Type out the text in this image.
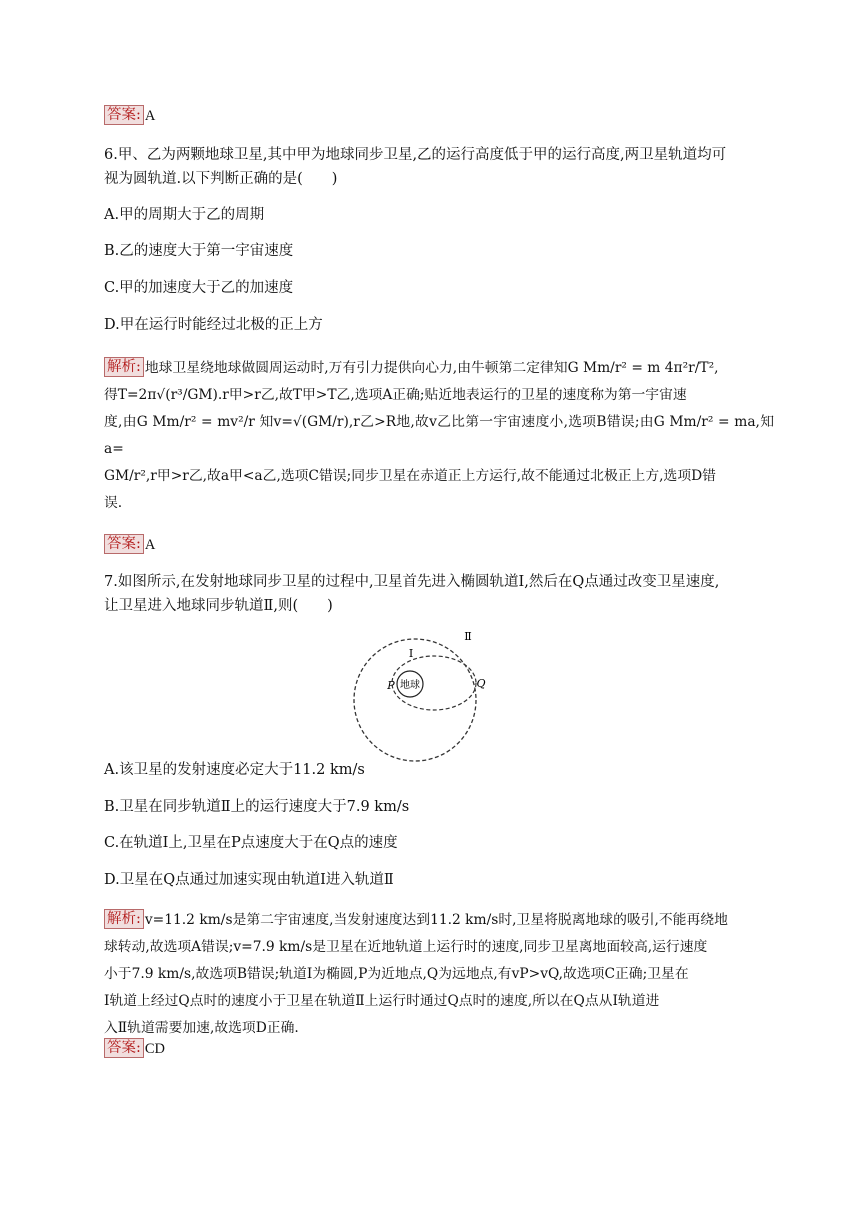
答案: A

6.甲、乙为两颗地球卫星,其中甲为地球同步卫星,乙的运行高度低于甲的运行高度,两卫星轨道均可

视为圆轨道.以下判断正确的是(　　)

A.甲的周期大于乙的周期
B.乙的速度大于第一宇宙速度
C.甲的加速度大于乙的加速度
D.甲在运行时能经过北极的正上方

解析: 地球卫星绕地球做圆周运动时,万有引力提供向心力,由牛顿第二定律知G Mm/r² = m 4π²r/T²,

得T=2π√(r³/GM).r甲>r乙,故T甲>T乙,选项A正确;贴近地表运行的卫星的速度称为第一宇宙速

度,由G Mm/r² = mv²/r 知v=√(GM/r),r乙>R地,故v乙比第一宇宙速度小,选项B错误;由G Mm/r² = ma,知a=

GM/r²,r甲>r乙,故a甲<a乙,选项C错误;同步卫星在赤道正上方运行,故不能通过北极正上方,选项D错

误.

答案: A

7.如图所示,在发射地球同步卫星的过程中,卫星首先进入椭圆轨道Ⅰ,然后在Q点通过改变卫星速度,

让卫星进入地球同步轨道Ⅱ,则(　　)

地球
P	Q
Ⅰ
Ⅱ
A.该卫星的发射速度必定大于11.2 km/s
B.卫星在同步轨道Ⅱ上的运行速度大于7.9 km/s
C.在轨道Ⅰ上,卫星在P点速度大于在Q点的速度
D.卫星在Q点通过加速实现由轨道Ⅰ进入轨道Ⅱ

解析: v=11.2 km/s是第二宇宙速度,当发射速度达到11.2 km/s时,卫星将脱离地球的吸引,不能再绕地

球转动,故选项A错误;v=7.9 km/s是卫星在近地轨道上运行时的速度,同步卫星离地面较高,运行速度

小于7.9 km/s,故选项B错误;轨道Ⅰ为椭圆,P为近地点,Q为远地点,有vP>vQ,故选项C正确;卫星在

Ⅰ轨道上经过Q点时的速度小于卫星在轨道Ⅱ上运行时通过Q点时的速度,所以在Q点从Ⅰ轨道进

入Ⅱ轨道需要加速,故选项D正确.

答案: CD
